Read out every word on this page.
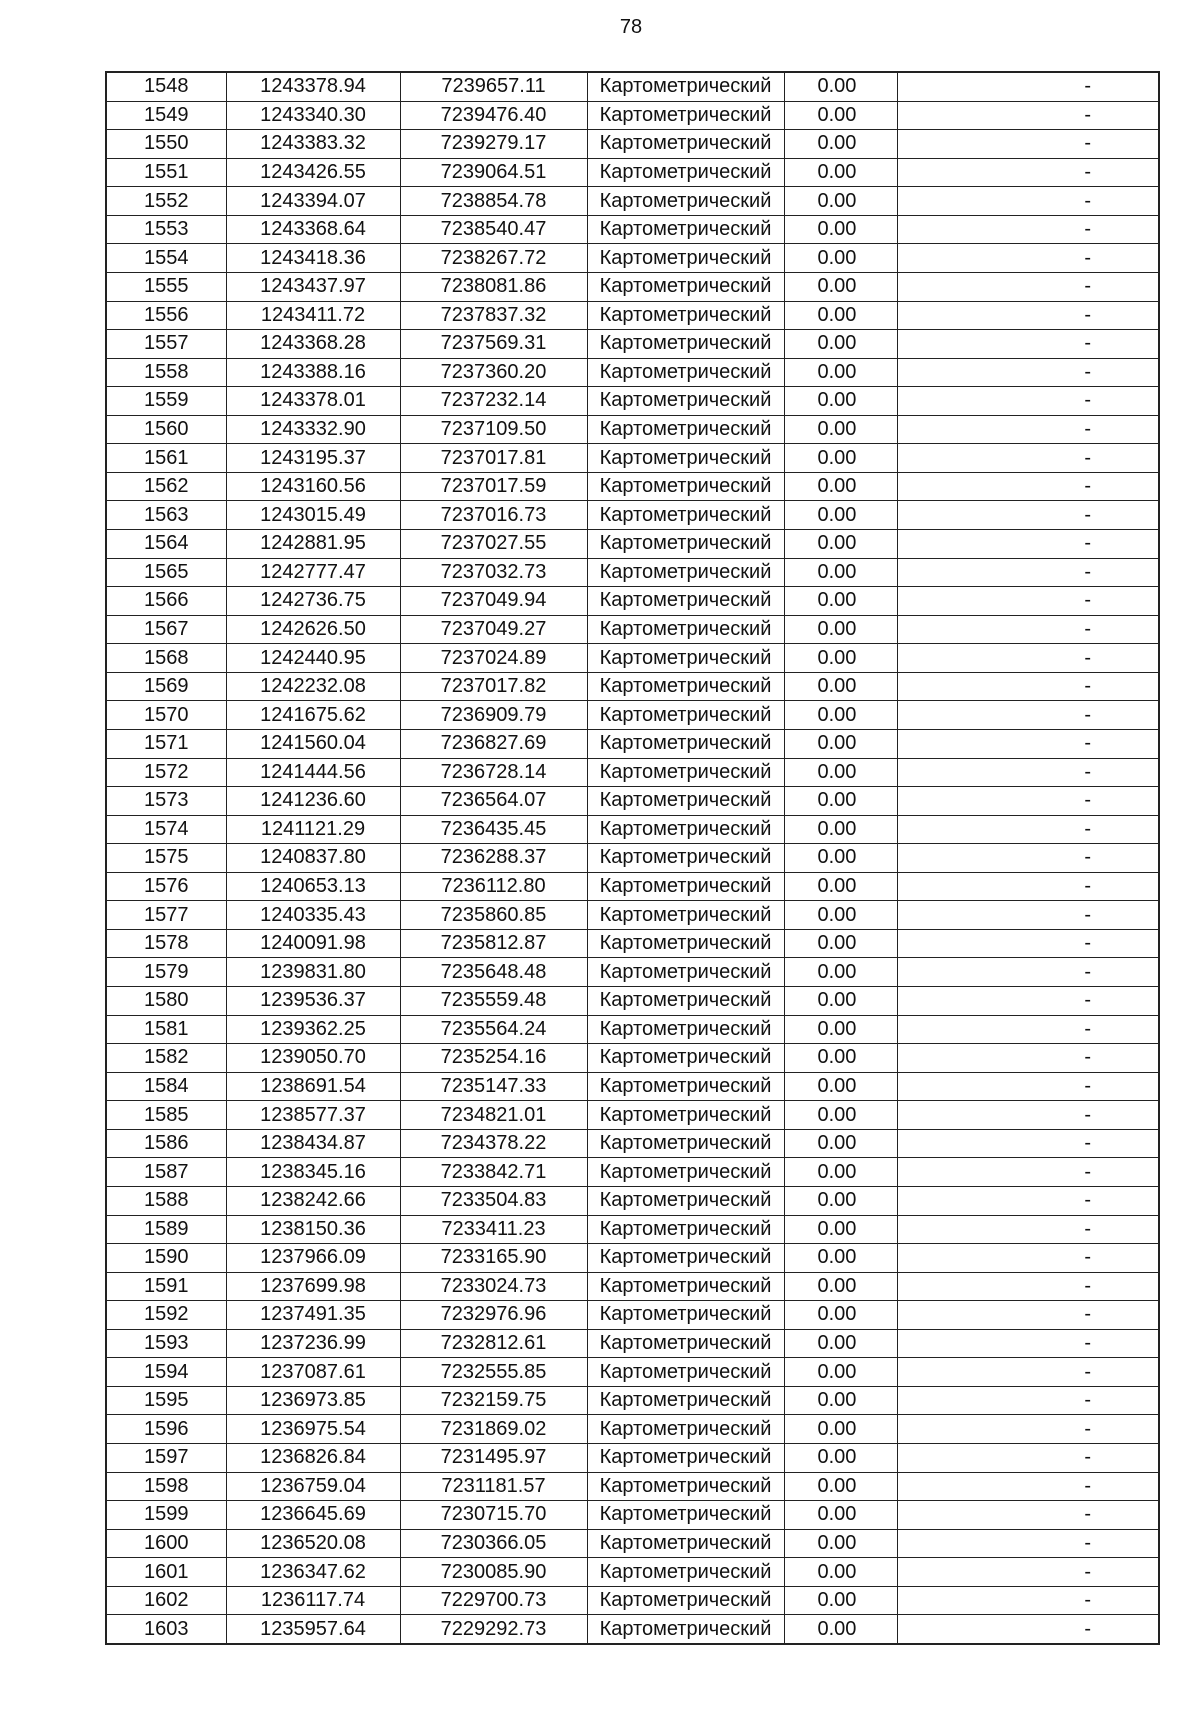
78
1548	1243378.94	7239657.11	Картометрический	0.00	-
1549	1243340.30	7239476.40	Картометрический	0.00	-
1550	1243383.32	7239279.17	Картометрический	0.00	-
1551	1243426.55	7239064.51	Картометрический	0.00	-
1552	1243394.07	7238854.78	Картометрический	0.00	-
1553	1243368.64	7238540.47	Картометрический	0.00	-
1554	1243418.36	7238267.72	Картометрический	0.00	-
1555	1243437.97	7238081.86	Картометрический	0.00	-
1556	1243411.72	7237837.32	Картометрический	0.00	-
1557	1243368.28	7237569.31	Картометрический	0.00	-
1558	1243388.16	7237360.20	Картометрический	0.00	-
1559	1243378.01	7237232.14	Картометрический	0.00	-
1560	1243332.90	7237109.50	Картометрический	0.00	-
1561	1243195.37	7237017.81	Картометрический	0.00	-
1562	1243160.56	7237017.59	Картометрический	0.00	-
1563	1243015.49	7237016.73	Картометрический	0.00	-
1564	1242881.95	7237027.55	Картометрический	0.00	-
1565	1242777.47	7237032.73	Картометрический	0.00	-
1566	1242736.75	7237049.94	Картометрический	0.00	-
1567	1242626.50	7237049.27	Картометрический	0.00	-
1568	1242440.95	7237024.89	Картометрический	0.00	-
1569	1242232.08	7237017.82	Картометрический	0.00	-
1570	1241675.62	7236909.79	Картометрический	0.00	-
1571	1241560.04	7236827.69	Картометрический	0.00	-
1572	1241444.56	7236728.14	Картометрический	0.00	-
1573	1241236.60	7236564.07	Картометрический	0.00	-
1574	1241121.29	7236435.45	Картометрический	0.00	-
1575	1240837.80	7236288.37	Картометрический	0.00	-
1576	1240653.13	7236112.80	Картометрический	0.00	-
1577	1240335.43	7235860.85	Картометрический	0.00	-
1578	1240091.98	7235812.87	Картометрический	0.00	-
1579	1239831.80	7235648.48	Картометрический	0.00	-
1580	1239536.37	7235559.48	Картометрический	0.00	-
1581	1239362.25	7235564.24	Картометрический	0.00	-
1582	1239050.70	7235254.16	Картометрический	0.00	-
1584	1238691.54	7235147.33	Картометрический	0.00	-
1585	1238577.37	7234821.01	Картометрический	0.00	-
1586	1238434.87	7234378.22	Картометрический	0.00	-
1587	1238345.16	7233842.71	Картометрический	0.00	-
1588	1238242.66	7233504.83	Картометрический	0.00	-
1589	1238150.36	7233411.23	Картометрический	0.00	-
1590	1237966.09	7233165.90	Картометрический	0.00	-
1591	1237699.98	7233024.73	Картометрический	0.00	-
1592	1237491.35	7232976.96	Картометрический	0.00	-
1593	1237236.99	7232812.61	Картометрический	0.00	-
1594	1237087.61	7232555.85	Картометрический	0.00	-
1595	1236973.85	7232159.75	Картометрический	0.00	-
1596	1236975.54	7231869.02	Картометрический	0.00	-
1597	1236826.84	7231495.97	Картометрический	0.00	-
1598	1236759.04	7231181.57	Картометрический	0.00	-
1599	1236645.69	7230715.70	Картометрический	0.00	-
1600	1236520.08	7230366.05	Картометрический	0.00	-
1601	1236347.62	7230085.90	Картометрический	0.00	-
1602	1236117.74	7229700.73	Картометрический	0.00	-
1603	1235957.64	7229292.73	Картометрический	0.00	-
